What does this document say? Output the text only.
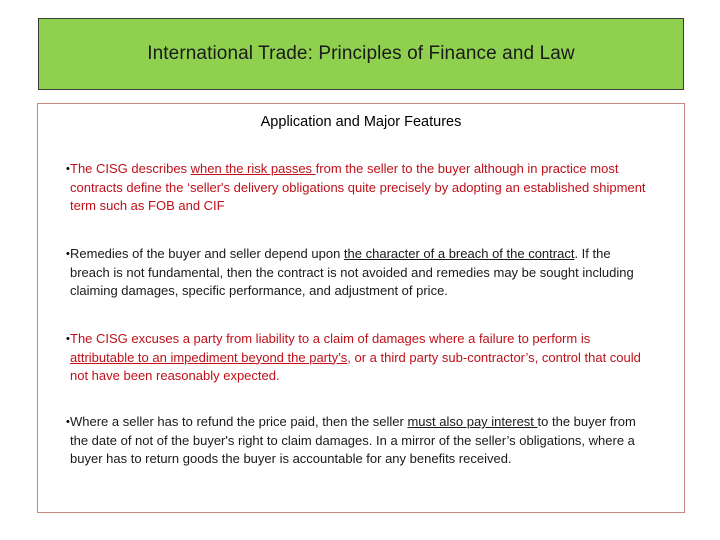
International Trade: Principles of Finance and Law
Application and Major Features
• The CISG describes when the risk passes from the seller to the buyer although in practice most contracts define the ‘seller's delivery obligations quite precisely by adopting an established shipment term such as FOB and CIF
• Remedies of the buyer and seller depend upon the character of a breach of the contract. If the breach is not fundamental, then the contract is not avoided and remedies may be sought including claiming damages, specific performance, and adjustment of price.
• The CISG excuses a party from liability to a claim of damages where a failure to perform is attributable to an impediment beyond the party’s, or a third party sub-contractor’s, control that could not have been reasonably expected.
• Where a seller has to refund the price paid, then the seller must also pay interest to the buyer from the date of not of the buyer's right to claim damages. In a mirror of the seller’s obligations, where a buyer has to return goods the buyer is accountable for any benefits received.
